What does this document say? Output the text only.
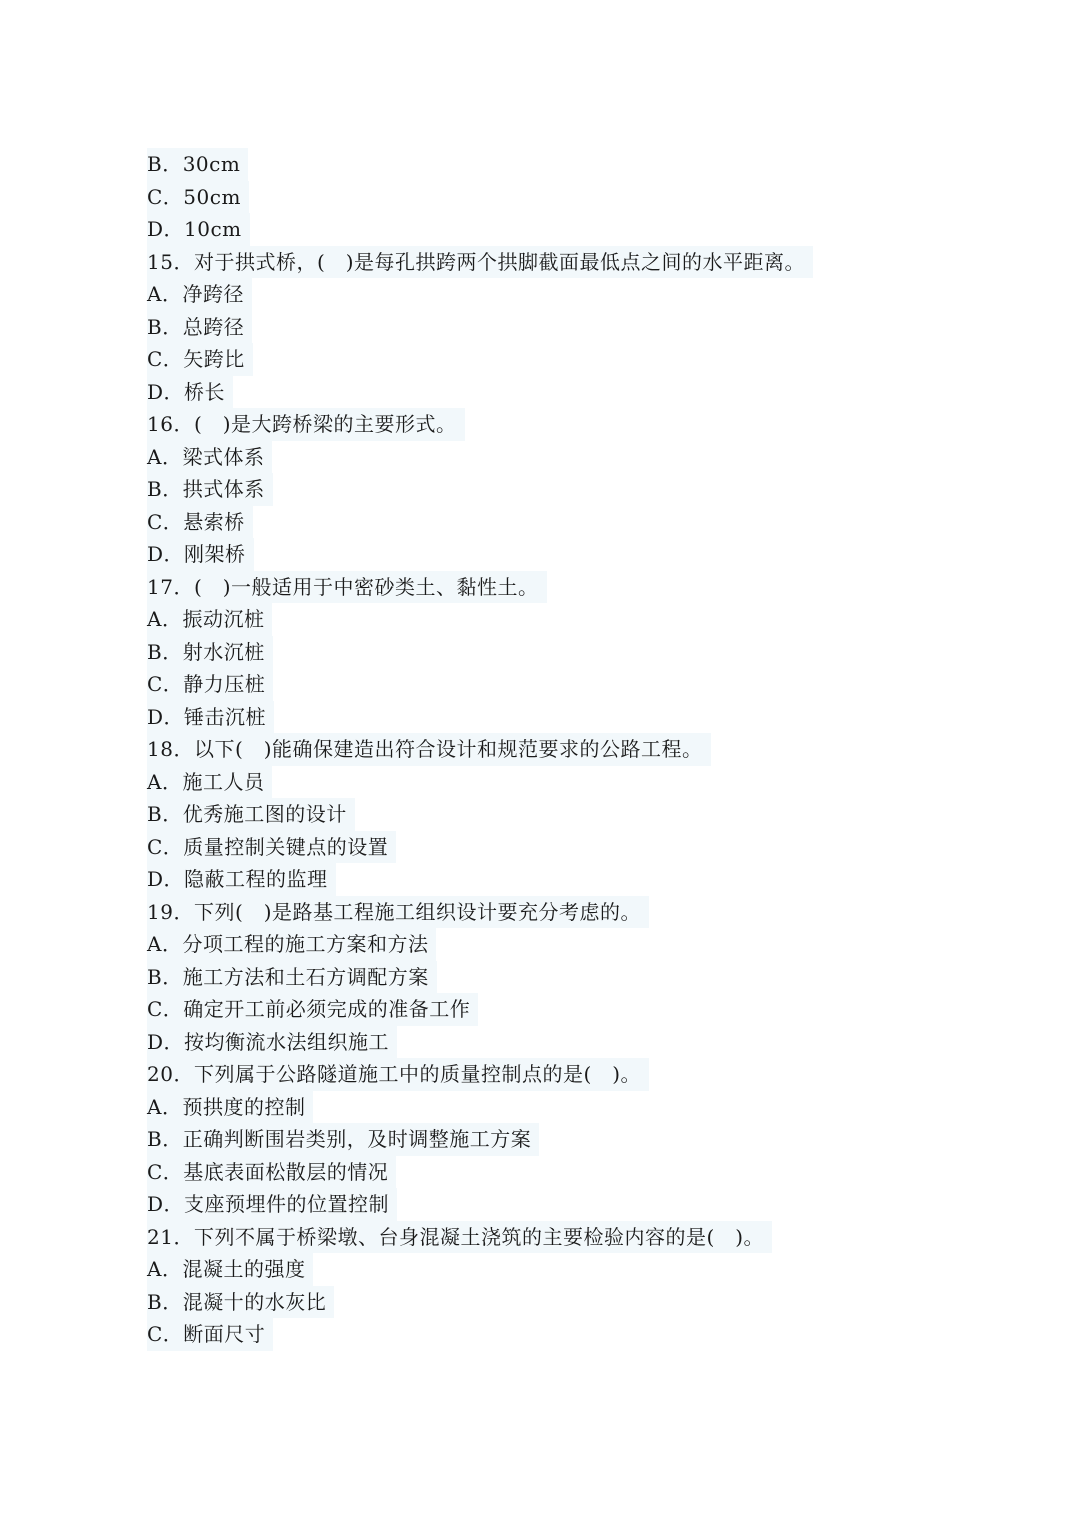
B．30cm
C．50cm
D．10cm
15．对于拱式桥，(　)是每孔拱跨两个拱脚截面最低点之间的水平距离。
A．净跨径
B．总跨径
C．矢跨比
D．桥长
16．(　)是大跨桥梁的主要形式。
A．梁式体系
B．拱式体系
C．悬索桥
D．刚架桥
17．(　)一般适用于中密砂类土、黏性土。
A．振动沉桩
B．射水沉桩
C．静力压桩
D．锤击沉桩
18．以下(　)能确保建造出符合设计和规范要求的公路工程。
A．施工人员
B．优秀施工图的设计
C．质量控制关键点的设置
D．隐蔽工程的监理
19．下列(　)是路基工程施工组织设计要充分考虑的。
A．分项工程的施工方案和方法
B．施工方法和土石方调配方案
C．确定开工前必须完成的准备工作
D．按均衡流水法组织施工
20．下列属于公路隧道施工中的质量控制点的是(　)。
A．预拱度的控制
B．正确判断围岩类别，及时调整施工方案
C．基底表面松散层的情况
D．支座预埋件的位置控制
21．下列不属于桥梁墩、台身混凝土浇筑的主要检验内容的是(　)。
A．混凝土的强度
B．混凝十的水灰比
C．断面尺寸
